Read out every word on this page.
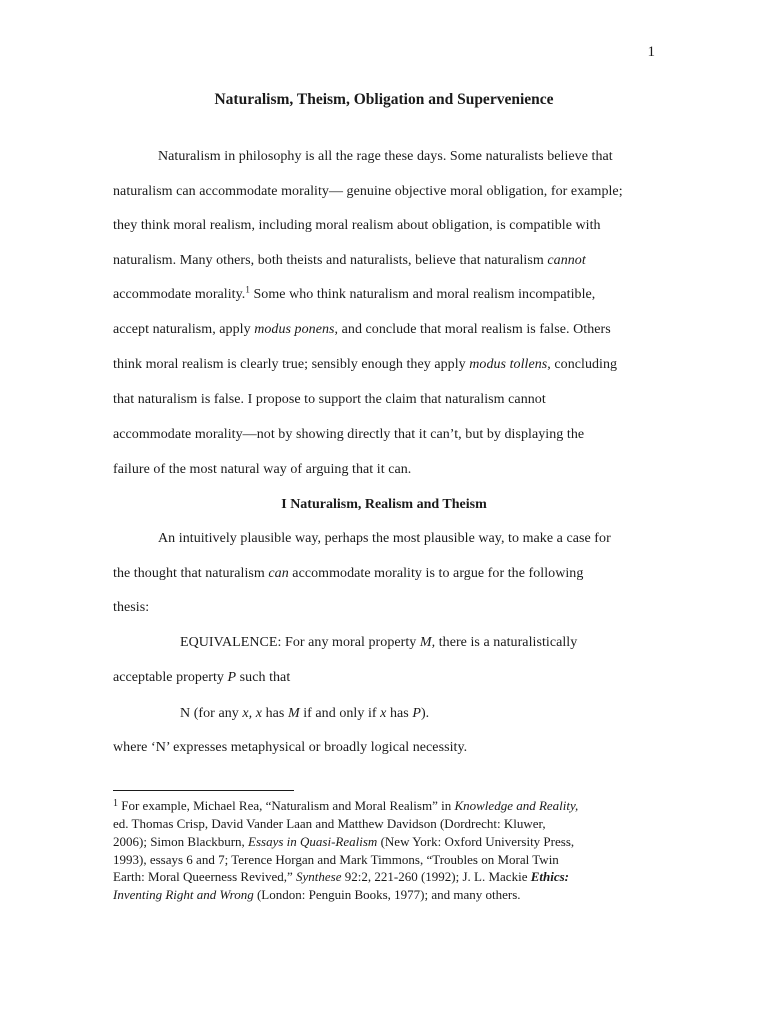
1
Naturalism, Theism, Obligation and Supervenience
Naturalism in philosophy is all the rage these days. Some naturalists believe that
naturalism can accommodate morality— genuine objective moral obligation, for example;
they think moral realism, including moral realism about obligation, is compatible with
naturalism. Many others, both theists and naturalists, believe that naturalism cannot
accommodate morality.$^1$ Some who think naturalism and moral realism incompatible,
accept naturalism, apply modus ponens, and conclude that moral realism is false. Others
think moral realism is clearly true; sensibly enough they apply modus tollens, concluding
that naturalism is false. I propose to support the claim that naturalism cannot
accommodate morality—not by showing directly that it can’t, but by displaying the
failure of the most natural way of arguing that it can.
I Naturalism, Realism and Theism
An intuitively plausible way, perhaps the most plausible way, to make a case for
the thought that naturalism can accommodate morality is to argue for the following
thesis:
EQUIVALENCE: For any moral property M, there is a naturalistically
acceptable property P such that
N (for any x, x has M if and only if x has P).
where ‘N’ expresses metaphysical or broadly logical necessity.
$^1$ For example, Michael Rea, “Naturalism and Moral Realism” in Knowledge and Reality,
ed. Thomas Crisp, David Vander Laan and Matthew Davidson (Dordrecht: Kluwer,
2006); Simon Blackburn, Essays in Quasi-Realism (New York: Oxford University Press,
1993), essays 6 and 7; Terence Horgan and Mark Timmons, “Troubles on Moral Twin
Earth: Moral Queerness Revived,” Synthese 92:2, 221-260 (1992); J. L. Mackie Ethics:
Inventing Right and Wrong (London: Penguin Books, 1977); and many others.
